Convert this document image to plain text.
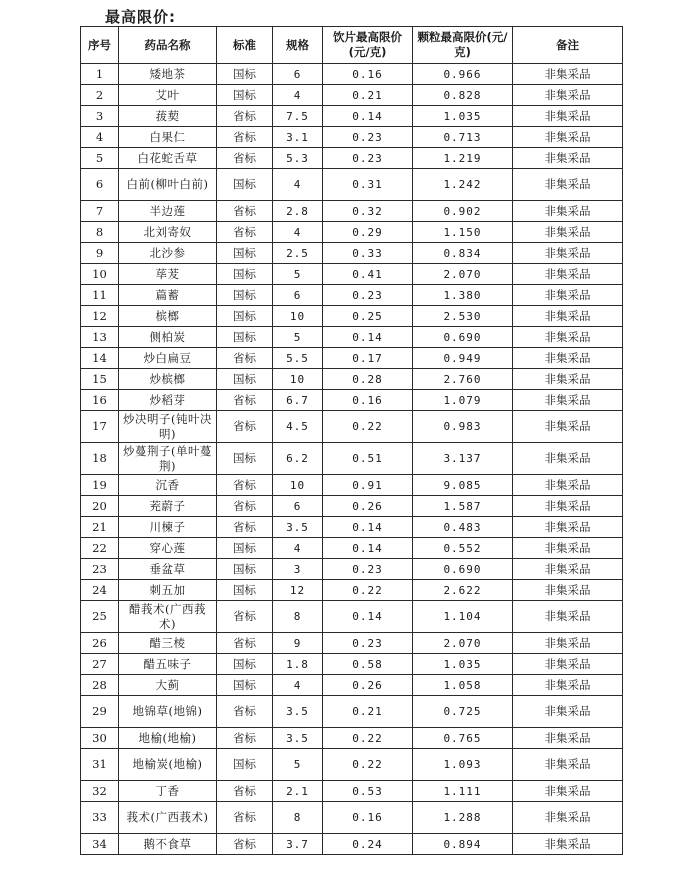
最高限价:
序号	药品名称	标准	规格	饮片最高限价(元/克)	颗粒最高限价(元/克)	备注
1	矮地茶	国标	6	0.16	0.966	非集采品
2	艾叶	国标	4	0.21	0.828	非集采品
3	菝葜	省标	7.5	0.14	1.035	非集采品
4	白果仁	省标	3.1	0.23	0.713	非集采品
5	白花蛇舌草	省标	5.3	0.23	1.219	非集采品
6	白前(柳叶白前)	国标	4	0.31	1.242	非集采品
7	半边莲	省标	2.8	0.32	0.902	非集采品
8	北刘寄奴	省标	4	0.29	1.150	非集采品
9	北沙参	国标	2.5	0.33	0.834	非集采品
10	荜茇	国标	5	0.41	2.070	非集采品
11	萹蓄	国标	6	0.23	1.380	非集采品
12	槟榔	国标	10	0.25	2.530	非集采品
13	侧柏炭	国标	5	0.14	0.690	非集采品
14	炒白扁豆	省标	5.5	0.17	0.949	非集采品
15	炒槟榔	国标	10	0.28	2.760	非集采品
16	炒稻芽	省标	6.7	0.16	1.079	非集采品
17	炒决明子(钝叶决明)	省标	4.5	0.22	0.983	非集采品
18	炒蔓荆子(单叶蔓荆)	国标	6.2	0.51	3.137	非集采品
19	沉香	省标	10	0.91	9.085	非集采品
20	茺蔚子	省标	6	0.26	1.587	非集采品
21	川楝子	省标	3.5	0.14	0.483	非集采品
22	穿心莲	国标	4	0.14	0.552	非集采品
23	垂盆草	国标	3	0.23	0.690	非集采品
24	刺五加	国标	12	0.22	2.622	非集采品
25	醋莪术(广西莪术)	省标	8	0.14	1.104	非集采品
26	醋三棱	省标	9	0.23	2.070	非集采品
27	醋五味子	国标	1.8	0.58	1.035	非集采品
28	大蓟	国标	4	0.26	1.058	非集采品
29	地锦草(地锦)	省标	3.5	0.21	0.725	非集采品
30	地榆(地榆)	省标	3.5	0.22	0.765	非集采品
31	地榆炭(地榆)	国标	5	0.22	1.093	非集采品
32	丁香	省标	2.1	0.53	1.111	非集采品
33	莪术(广西莪术)	省标	8	0.16	1.288	非集采品
34	鹅不食草	省标	3.7	0.24	0.894	非集采品
